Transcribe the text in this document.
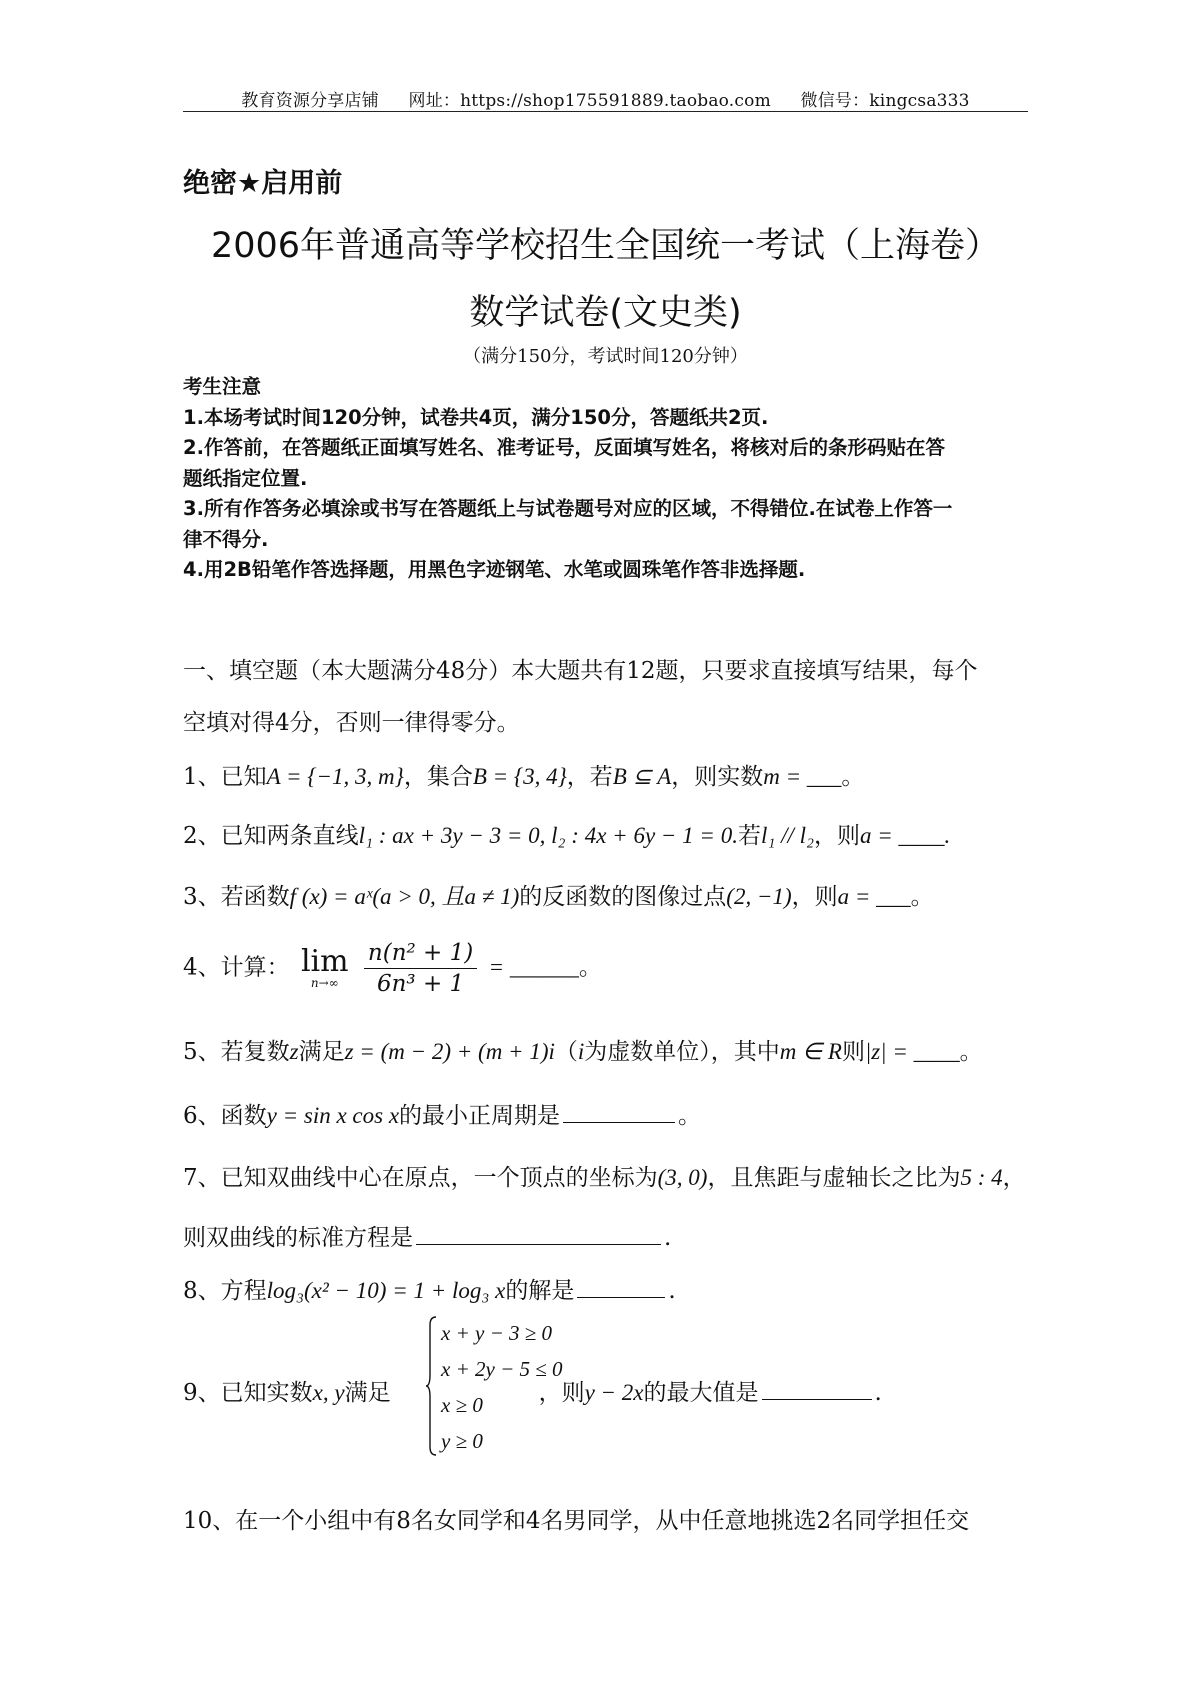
教育资源分享店铺 网址：https://shop175591889.taobao.com 微信号：kingcsa333
绝密★启用前
2006年普通高等学校招生全国统一考试（上海卷）
数学试卷(文史类)
（满分150分，考试时间120分钟）
考生注意
1.本场考试时间120分钟，试卷共4页，满分150分，答题纸共2页.
2.作答前，在答题纸正面填写姓名、准考证号，反面填写姓名，将核对后的条形码贴在答
题纸指定位置.
3.所有作答务必填涂或书写在答题纸上与试卷题号对应的区域，不得错位.在试卷上作答一
律不得分.
4.用2B铅笔作答选择题，用黑色字迹钢笔、水笔或圆珠笔作答非选择题.
一、填空题（本大题满分48分）本大题共有12题，只要求直接填写结果，每个
空填对得4分，否则一律得零分。
1、已知A = {−1, 3, m}，集合B = {3, 4}，若B ⊆ A，则实数m = ___。
2、已知两条直线l₁ : ax + 3y − 3 = 0, l₂ : 4x + 6y − 1 = 0.若l₁ // l₂，则a = ____.
3、若函数f (x) = aˣ(a > 0, 且a ≠ 1)的反函数的图像过点(2, −1)，则a = ___。
4、计算： lim
n→∞
	$\frac{\text{n(n² + 1)}}{\text{6n³ + 1}}$ = ______。
5、若复数z满足z = (m − 2) + (m + 1)i（i为虚数单位），其中m ∈ R则|z| = ____。
6、函数y = sin x cos x的最小正周期是	。
7、已知双曲线中心在原点，一个顶点的坐标为(3, 0)，且焦距与虚轴长之比为5 : 4，
则双曲线的标准方程是	.
8、方程log₃(x² − 10) = 1 + log₃ x的解是	.
9、已知实数x, y满足	，则y − 2x的最大值是	.
x + y − 3 ≥ 0
x + 2y − 5 ≤ 0
x ≥ 0
y ≥ 0
10、在一个小组中有8名女同学和4名男同学，从中任意地挑选2名同学担任交
